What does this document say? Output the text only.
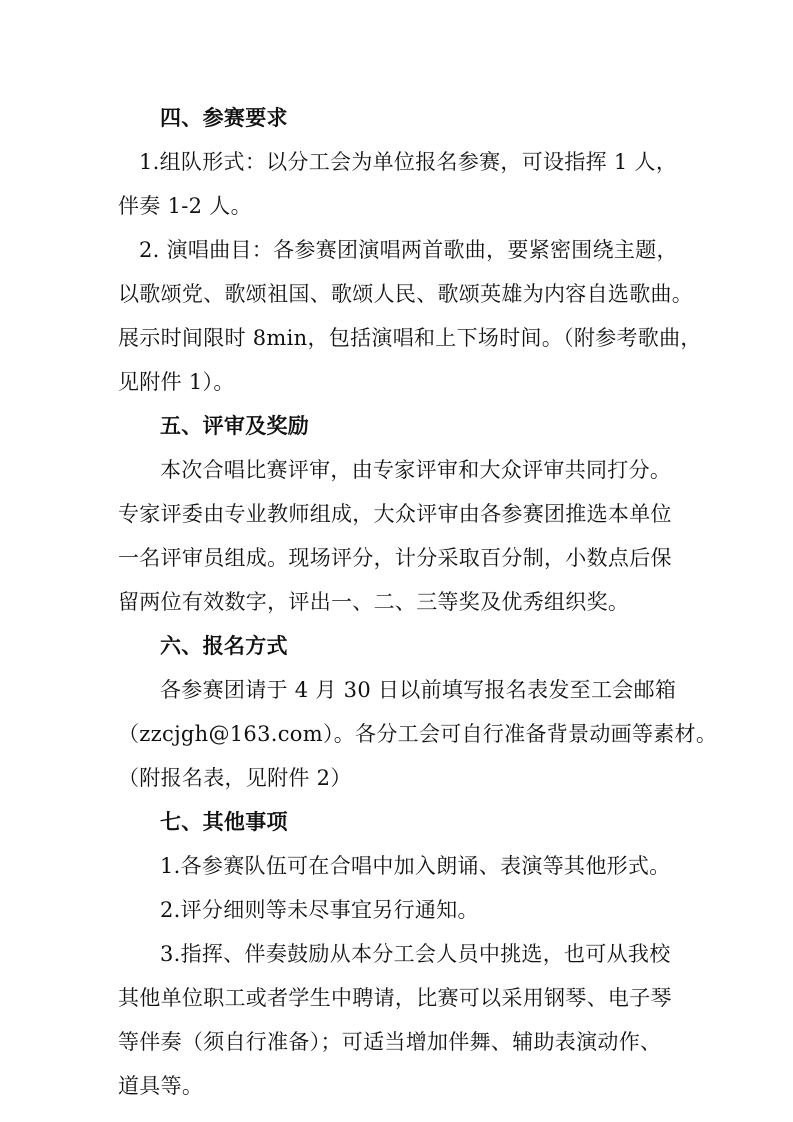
四、参赛要求
1.组队形式：以分工会为单位报名参赛，可设指挥 1 人，
伴奏 1-2 人。
2. 演唱曲目：各参赛团演唱两首歌曲，要紧密围绕主题，
以歌颂党、歌颂祖国、歌颂人民、歌颂英雄为内容自选歌曲。
展示时间限时 8min，包括演唱和上下场时间。（附参考歌曲，
见附件 1）。
五、评审及奖励
本次合唱比赛评审，由专家评审和大众评审共同打分。
专家评委由专业教师组成，大众评审由各参赛团推选本单位
一名评审员组成。现场评分，计分采取百分制，小数点后保
留两位有效数字，评出一、二、三等奖及优秀组织奖。
六、报名方式
各参赛团请于 4 月 30 日以前填写报名表发至工会邮箱
（zzcjgh@163.com）。各分工会可自行准备背景动画等素材。
（附报名表，见附件 2）
七、其他事项
1.各参赛队伍可在合唱中加入朗诵、表演等其他形式。
2.评分细则等未尽事宜另行通知。
3.指挥、伴奏鼓励从本分工会人员中挑选，也可从我校
其他单位职工或者学生中聘请，比赛可以采用钢琴、电子琴
等伴奏（须自行准备）；可适当增加伴舞、辅助表演动作、
道具等。
